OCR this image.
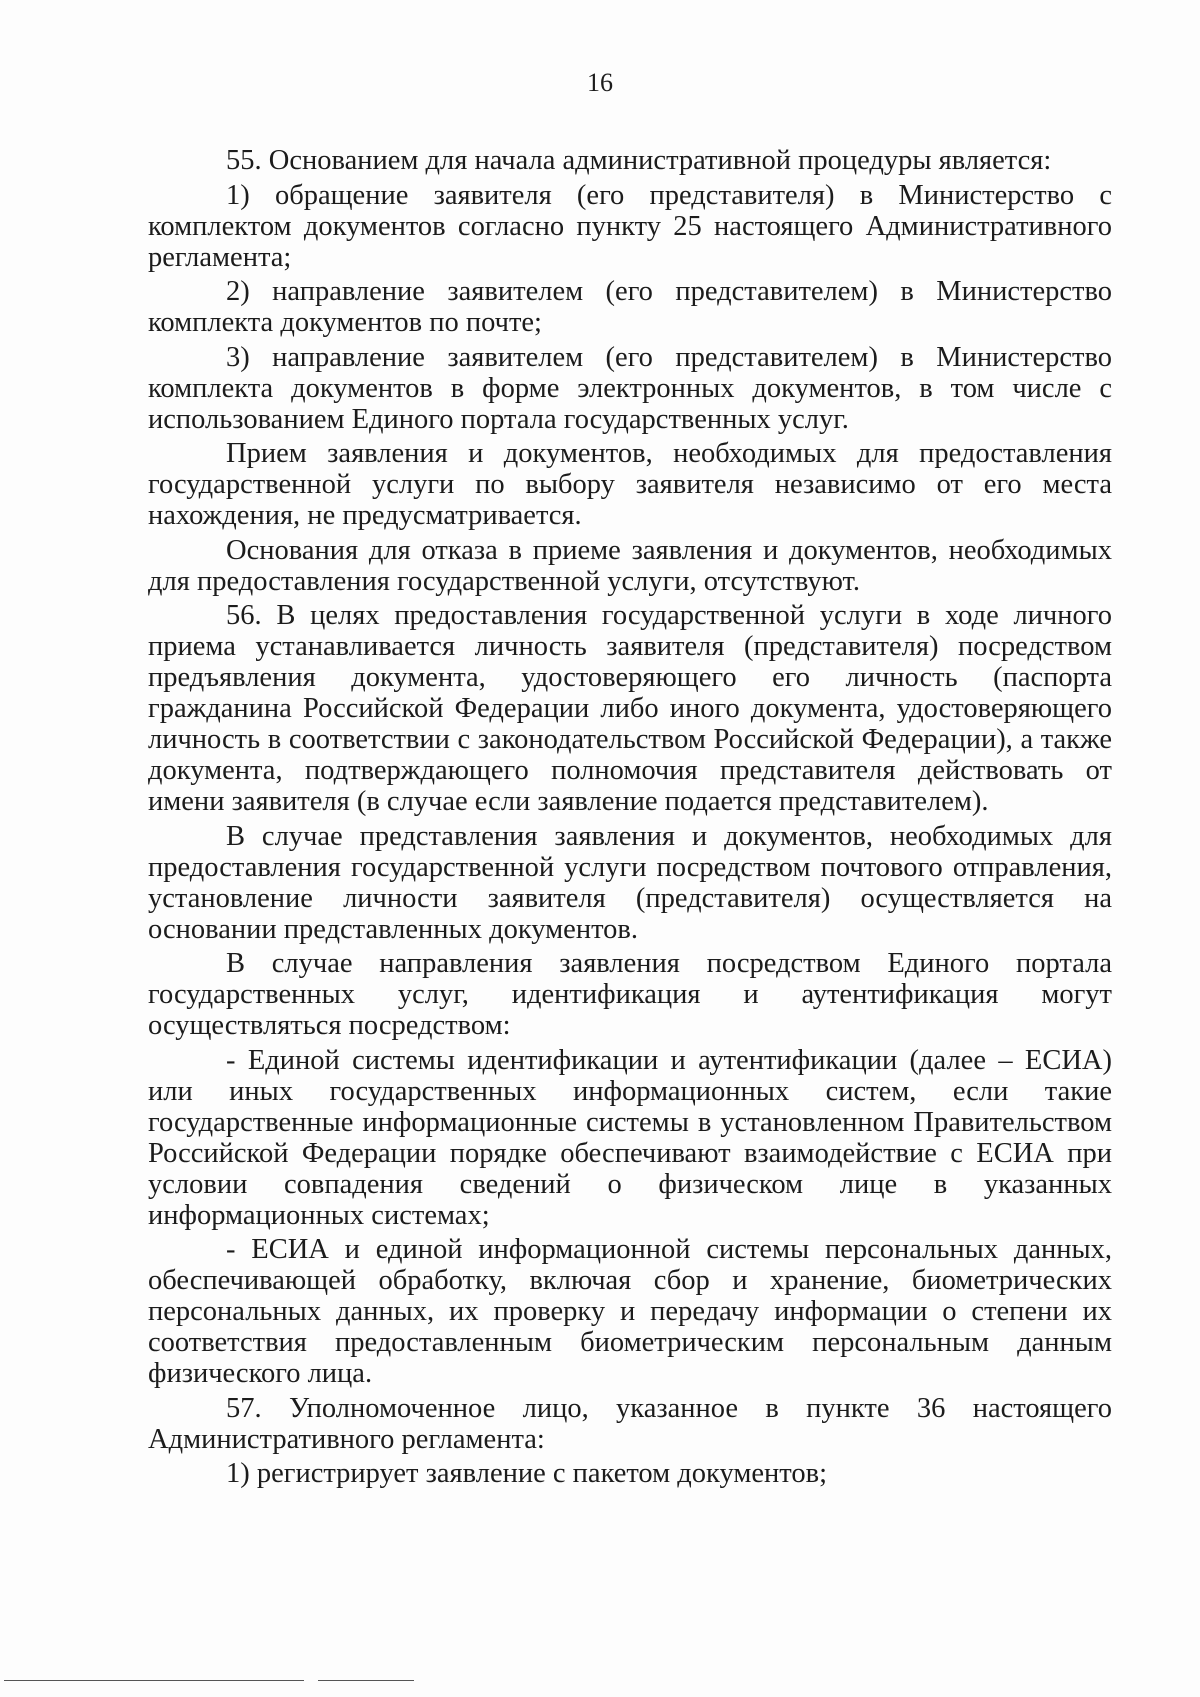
16

55. Основанием для начала административной процедуры является:

1) обращение заявителя (его представителя) в Министерство с комплектом документов согласно пункту 25 настоящего Административного регламента;

2) направление заявителем (его представителем) в Министерство комплекта документов по почте;

3) направление заявителем (его представителем) в Министерство комплекта документов в форме электронных документов, в том числе с использованием Единого портала государственных услуг.

Прием заявления и документов, необходимых для предоставления государственной услуги по выбору заявителя независимо от его места нахождения, не предусматривается.

Основания для отказа в приеме заявления и документов, необходимых для предоставления государственной услуги, отсутствуют.

56. В целях предоставления государственной услуги в ходе личного приема устанавливается личность заявителя (представителя) посредством предъявления документа, удостоверяющего его личность (паспорта гражданина Российской Федерации либо иного документа, удостоверяющего личность в соответствии с законодательством Российской Федерации), а также документа, подтверждающего полномочия представителя действовать от имени заявителя (в случае если заявление подается представителем).

В случае представления заявления и документов, необходимых для предоставления государственной услуги посредством почтового отправления, установление личности заявителя (представителя) осуществляется на основании представленных документов.

В случае направления заявления посредством Единого портала государственных услуг, идентификация и аутентификация могут осуществляться посредством:

- Единой системы идентификации и аутентификации (далее – ЕСИА) или иных государственных информационных систем, если такие государственные информационные системы в установленном Правительством Российской Федерации порядке обеспечивают взаимодействие с ЕСИА при условии совпадения сведений о физическом лице в указанных информационных системах;

- ЕСИА и единой информационной системы персональных данных, обеспечивающей обработку, включая сбор и хранение, биометрических персональных данных, их проверку и передачу информации о степени их соответствия предоставленным биометрическим персональным данным физического лица.

57. Уполномоченное лицо, указанное в пункте 36 настоящего Административного регламента:

1) регистрирует заявление с пакетом документов;
